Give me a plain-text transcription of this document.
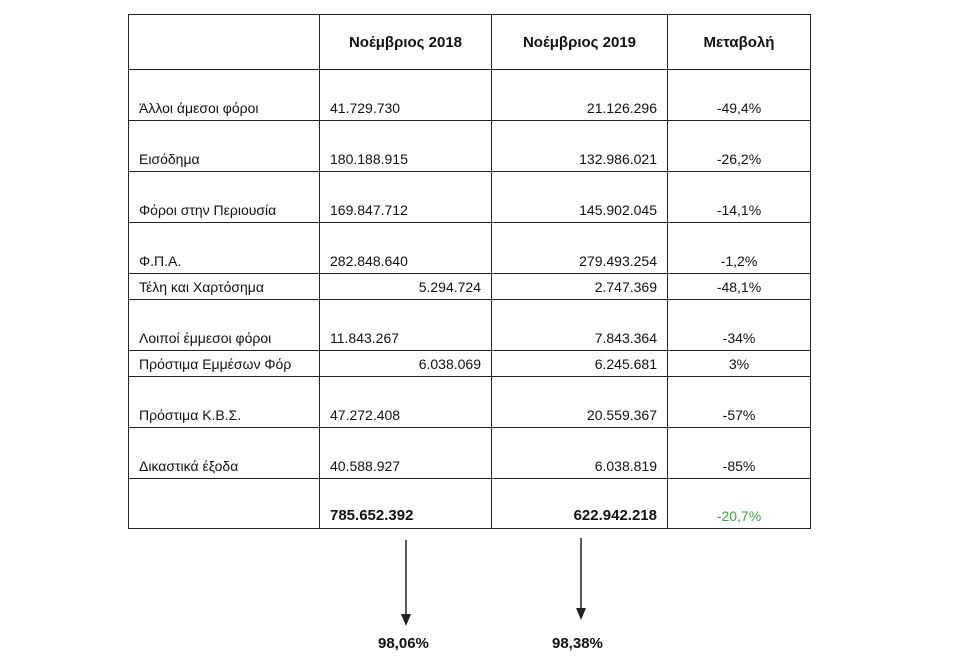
	Νοέμβριος 2018	Νοέμβριος 2019	Μεταβολή
Άλλοι άμεσοι φόροι	41.729.730	21.126.296	-49,4%
Εισόδημα	180.188.915	132.986.021	-26,2%
Φόροι στην Περιουσία	169.847.712	145.902.045	-14,1%
Φ.Π.Α.	282.848.640	279.493.254	-1,2%
Τέλη και Χαρτόσημα	5.294.724	2.747.369	-48,1%
Λοιποί έμμεσοι φόροι	11.843.267	7.843.364	-34%
Πρόστιμα Εμμέσων Φόρ	6.038.069	6.245.681	3%
Πρόστιμα Κ.Β.Σ.	47.272.408	20.559.367	-57%
Δικαστικά έξοδα	40.588.927	6.038.819	-85%
	785.652.392	622.942.218	-20,7%
98,06%	98,38%
